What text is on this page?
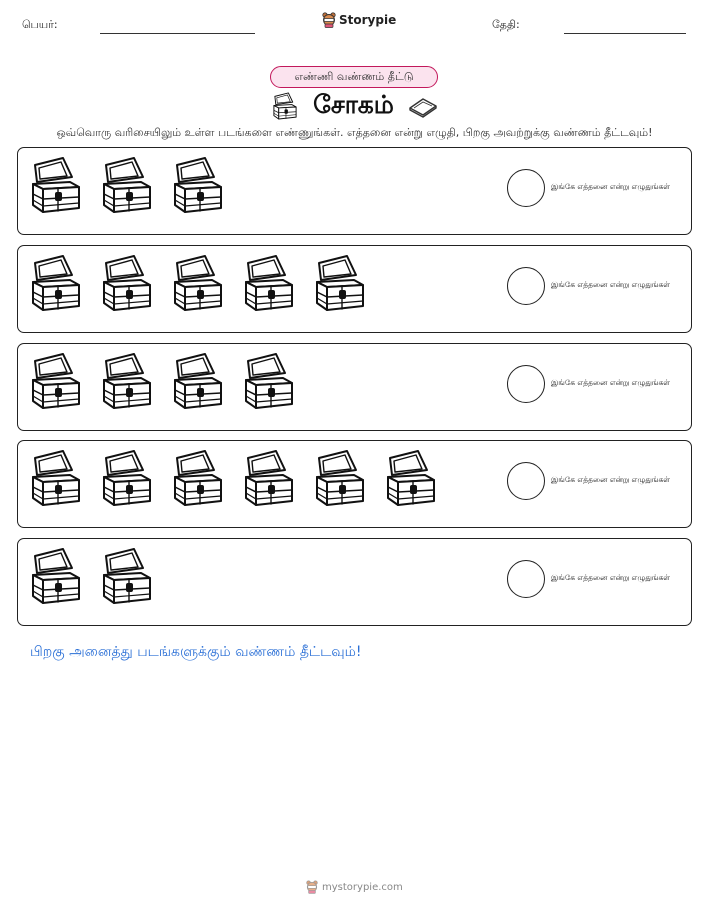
பெயர்:	Storypie	தேதி:
எண்ணி வண்ணம் தீட்டு
சோகம்
ஒவ்வொரு வரிசையிலும் உள்ள படங்களை எண்ணுங்கள். எத்தனை என்று எழுதி, பிறகு அவற்றுக்கு வண்ணம் தீட்டவும்!
இங்கே எத்தனை என்று எழுதுங்கள்
இங்கே எத்தனை என்று எழுதுங்கள்
இங்கே எத்தனை என்று எழுதுங்கள்
இங்கே எத்தனை என்று எழுதுங்கள்
இங்கே எத்தனை என்று எழுதுங்கள்
பிறகு அனைத்து படங்களுக்கும் வண்ணம் தீட்டவும்!
mystorypie.com
